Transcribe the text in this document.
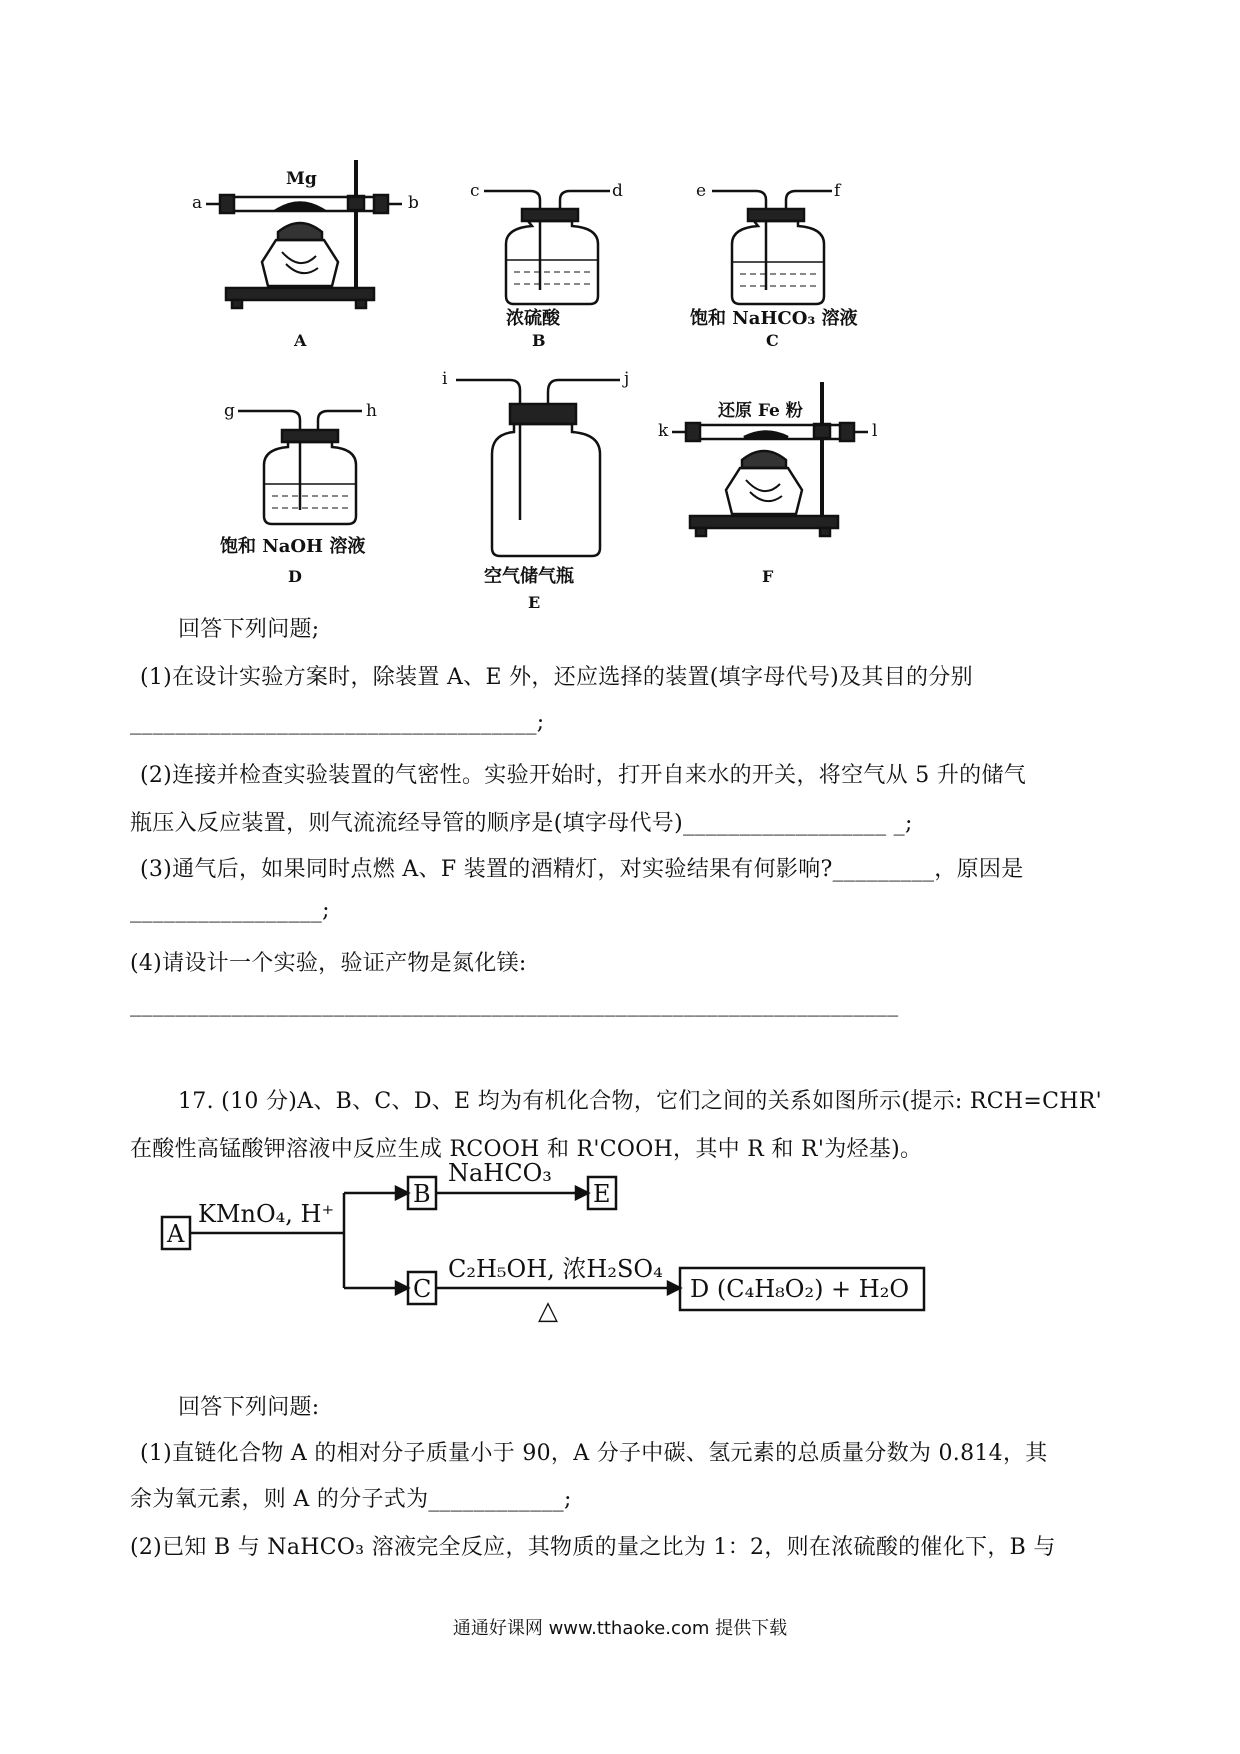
Mg
a	b
A
c	d
浓硫酸
B
e	f
饱和 NaHCO₃ 溶液
C
g	h
饱和 NaOH 溶液
D
i	j
空气储气瓶
E
还原 Fe 粉
k	l
F
回答下列问题;
(1)在设计实验方案时，除装置 A、E 外，还应选择的装置(填字母代号)及其目的分别
____________________________________;
(2)连接并检查实验装置的气密性。实验开始时，打开自来水的开关，将空气从 5 升的储气
瓶压入反应装置，则气流流经导管的顺序是(填字母代号)__________________ _;
(3)通气后，如果同时点燃 A、F 装置的酒精灯，对实验结果有何影响?_________，原因是
_________________;
(4)请设计一个实验，验证产物是氮化镁:
____________________________________________________________________
17. (10 分)A、B、C、D、E 均为有机化合物，它们之间的关系如图所示(提示: RCH=CHR'
在酸性高锰酸钾溶液中反应生成 RCOOH 和 R'COOH，其中 R 和 R'为烃基)。
A
KMnO₄, H⁺
B
NaHCO₃
E
C
C₂H₅OH, 浓H₂SO₄
△
D (C₄H₈O₂) + H₂O
回答下列问题:
(1)直链化合物 A 的相对分子质量小于 90，A 分子中碳、氢元素的总质量分数为 0.814，其
余为氧元素，则 A 的分子式为____________;
(2)已知 B 与 NaHCO₃ 溶液完全反应，其物质的量之比为 1：2，则在浓硫酸的催化下，B 与
通通好课网 www.tthaoke.com 提供下载
